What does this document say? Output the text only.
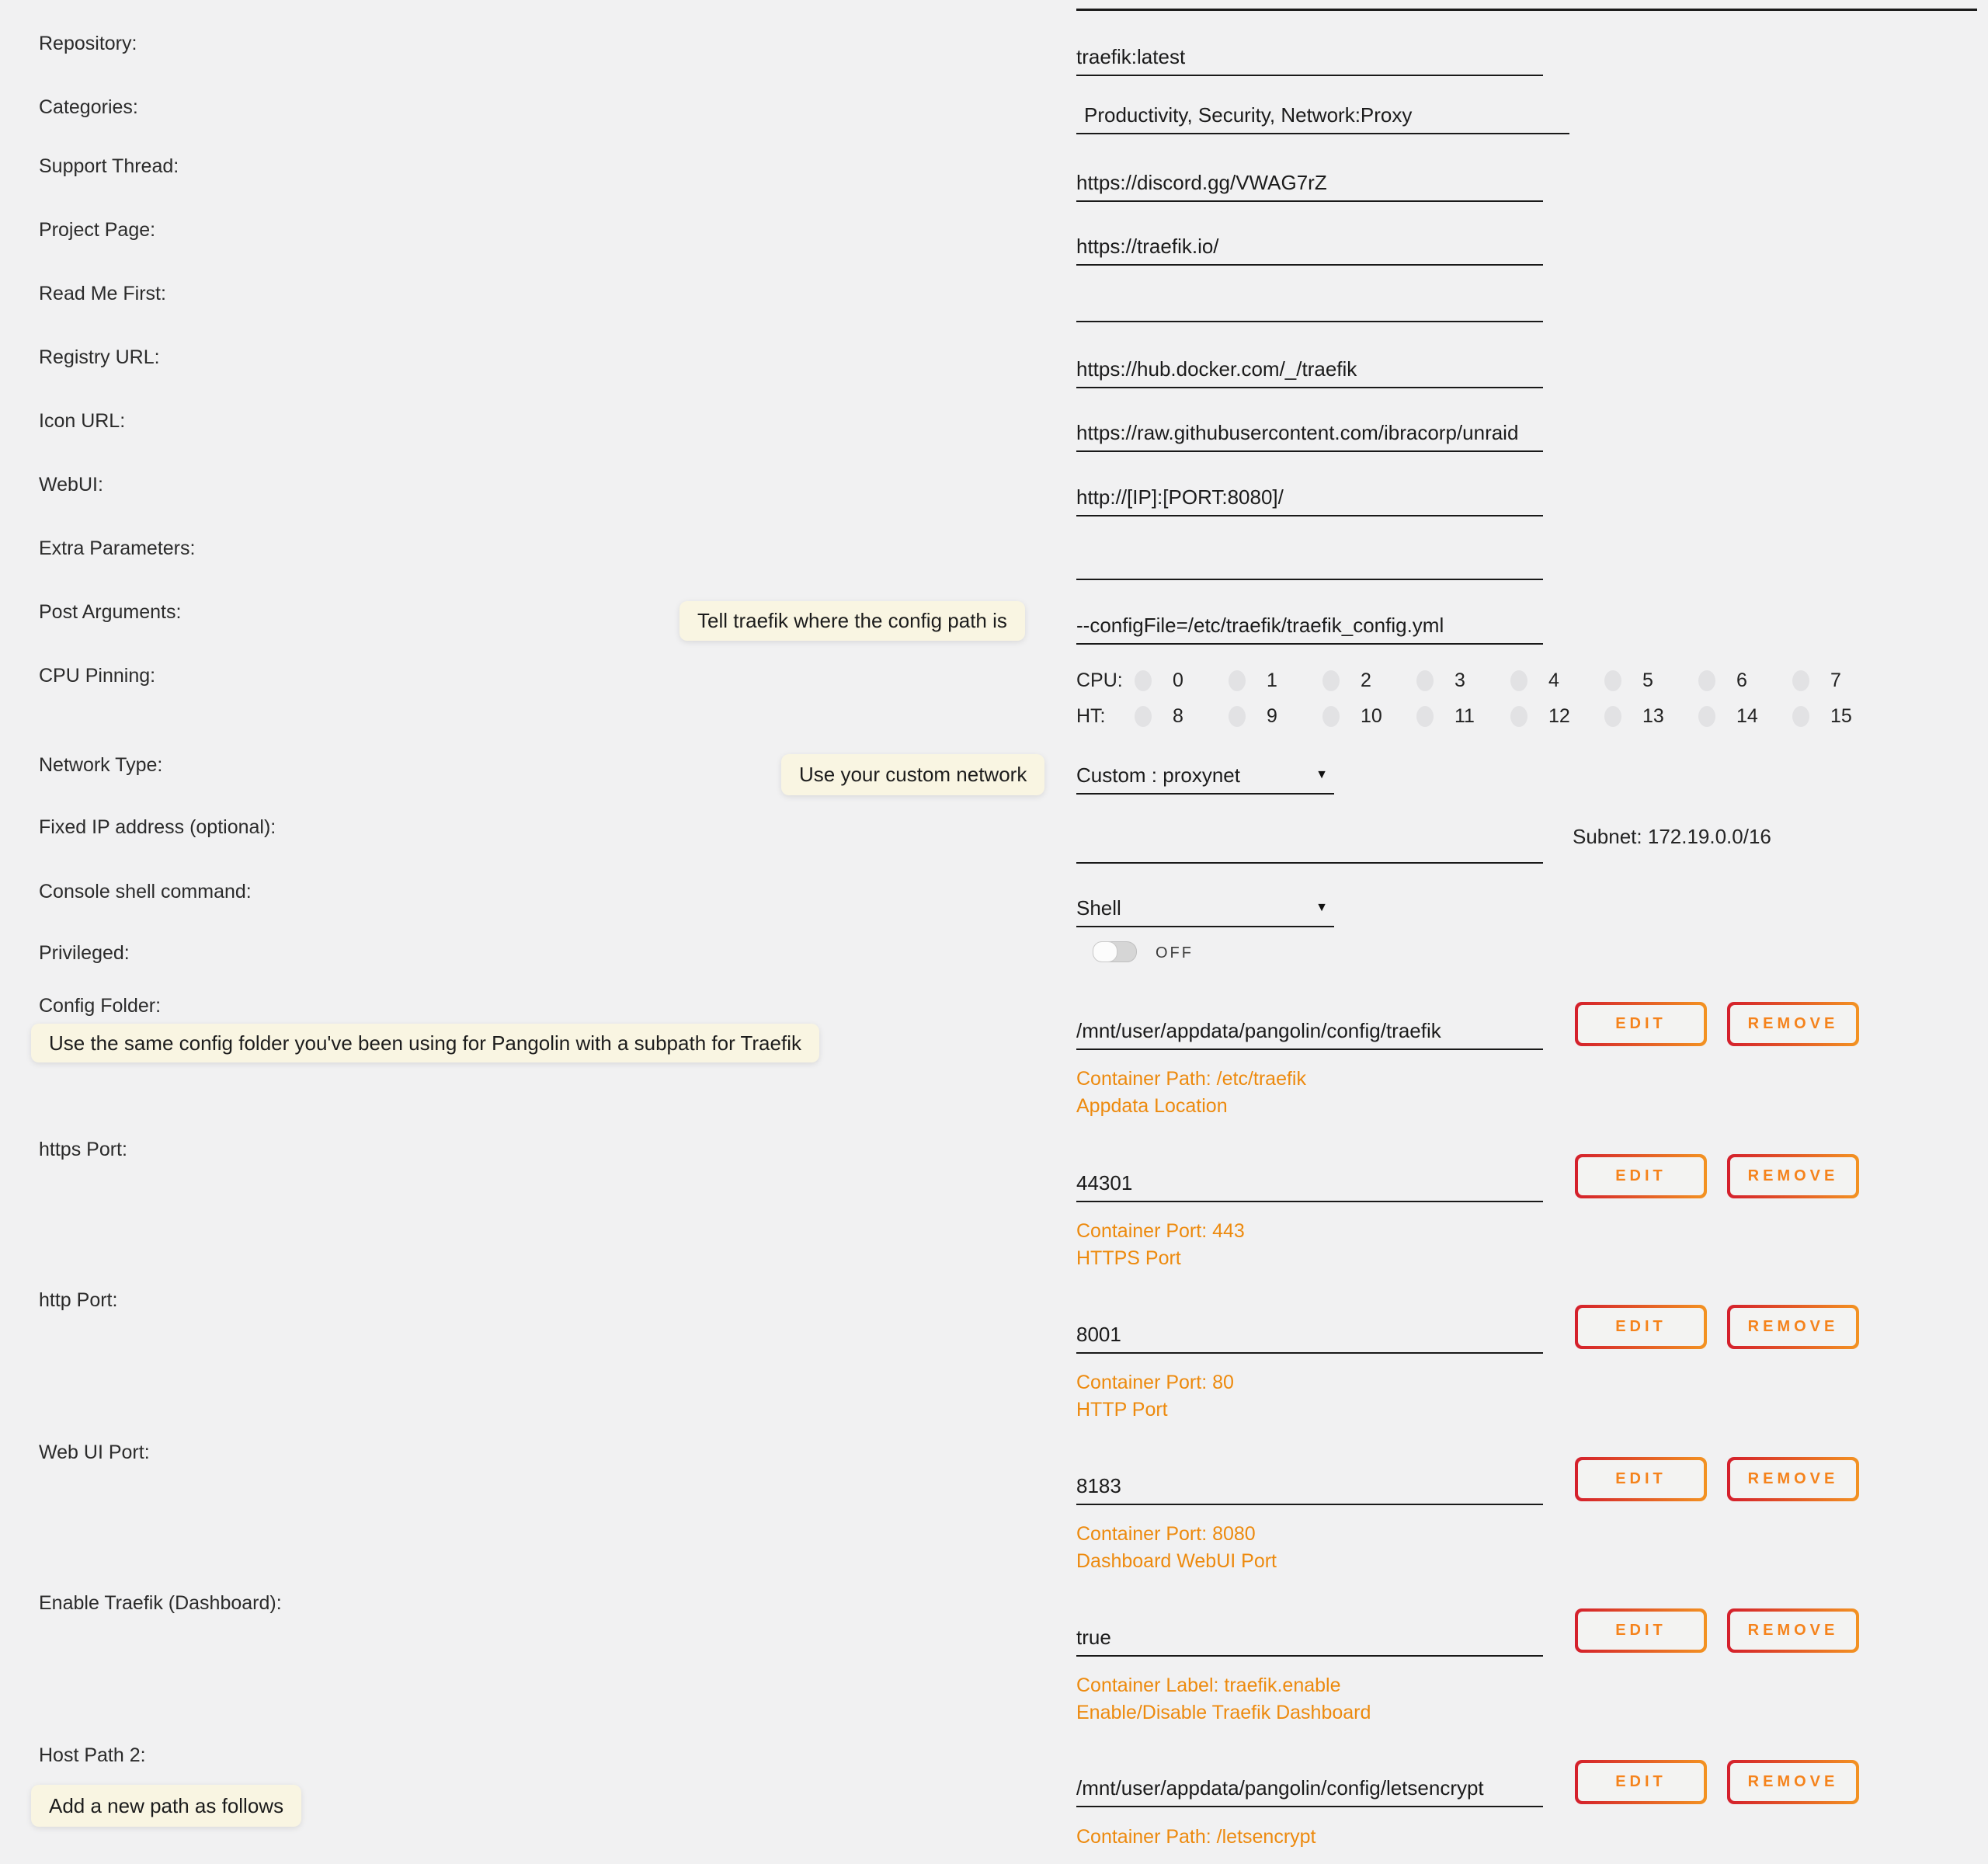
Repository:
traefik:latest
Categories:	Productivity, Security, Network:Proxy
Support Thread:
https://discord.gg/VWAG7rZ
Project Page:
https://traefik.io/
Read Me First:
Registry URL:	https://hub.docker.com/_/traefik
Icon URL:	https://raw.githubusercontent.com/ibracorp/unraid
WebUI:
http://[IP]:[PORT:8080]/
Extra Parameters:
Post Arguments:	Tell traefik where the config path is	--configFile=/etc/traefik/traefik_config.yml
CPU Pinning:	CPU:	0	1	2	3	4	5	6	7
HT:	8	9	10	11	12	13	14	15
Network Type:	Use your custom network	Custom : proxynet	▼
Fixed IP address (optional):	Subnet: 172.19.0.0/16
Console shell command:
Shell	▼
Privileged:	OFF
Config Folder:
Use the same config folder you've been using for Pangolin with a subpath for Traefik
/mnt/user/appdata/pangolin/config/traefik	EDIT	REMOVE
Container Path: /etc/traefik
Appdata Location
https Port:
44301	EDIT	REMOVE
Container Port: 443
HTTPS Port
http Port:
8001	EDIT	REMOVE
Container Port: 80
HTTP Port
Web UI Port:
8183	EDIT	REMOVE
Container Port: 8080
Dashboard WebUI Port
Enable Traefik (Dashboard):
true	EDIT	REMOVE
Container Label: traefik.enable
Enable/Disable Traefik Dashboard
Host Path 2:
Add a new path as follows
/mnt/user/appdata/pangolin/config/letsencrypt	EDIT	REMOVE
Container Path: /letsencrypt
